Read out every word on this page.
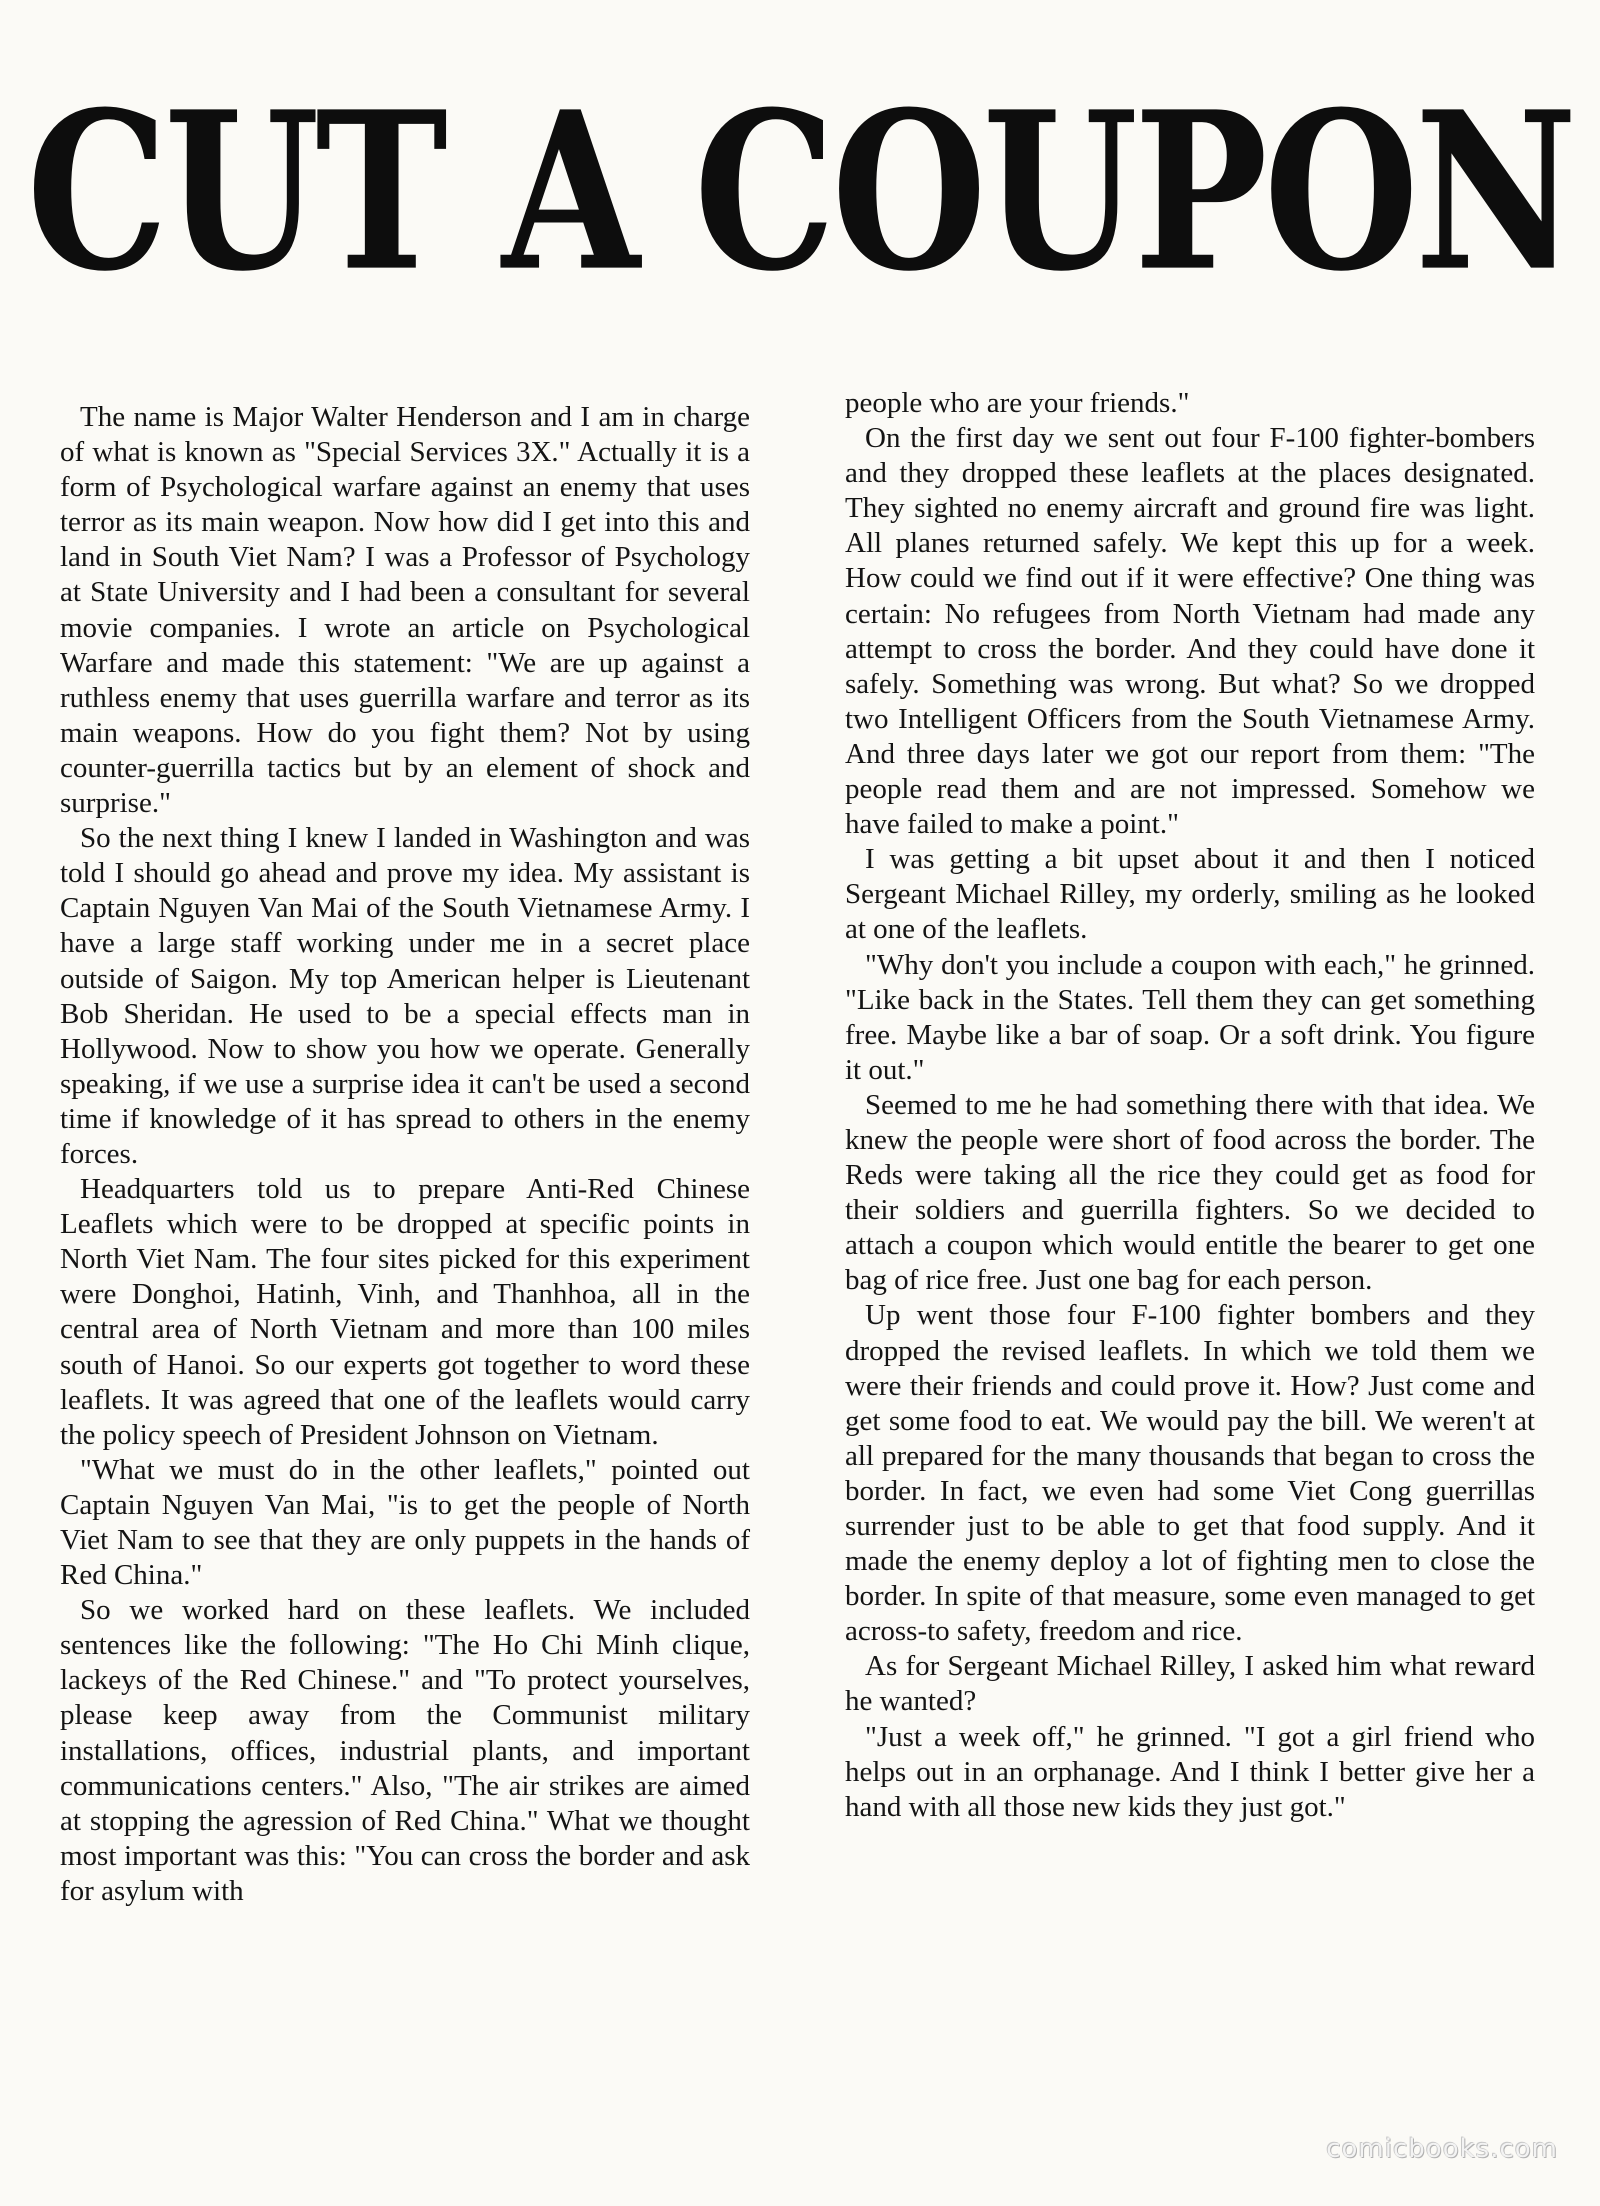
CUT A COUPON

The name is Major Walter Henderson and I am in charge of what is known as "Special Services 3X." Actually it is a form of Psychological warfare against an enemy that uses terror as its main weapon. Now how did I get into this and land in South Viet Nam? I was a Professor of Psychology at State University and I had been a consultant for several movie companies. I wrote an article on Psychological Warfare and made this statement: "We are up against a ruthless enemy that uses guerrilla warfare and terror as its main weapons. How do you fight them? Not by using counter-guerrilla tactics but by an element of shock and surprise."

So the next thing I knew I landed in Washington and was told I should go ahead and prove my idea. My assistant is Captain Nguyen Van Mai of the South Vietnamese Army. I have a large staff working under me in a secret place outside of Saigon. My top American helper is Lieutenant Bob Sheridan. He used to be a special effects man in Hollywood. Now to show you how we operate. Generally speaking, if we use a surprise idea it can't be used a second time if knowledge of it has spread to others in the enemy forces.

Headquarters told us to prepare Anti-Red Chinese Leaflets which were to be dropped at specific points in North Viet Nam. The four sites picked for this experiment were Donghoi, Hatinh, Vinh, and Thanhhoa, all in the central area of North Vietnam and more than 100 miles south of Hanoi. So our experts got together to word these leaflets. It was agreed that one of the leaflets would carry the policy speech of President Johnson on Vietnam.

"What we must do in the other leaflets," pointed out Captain Nguyen Van Mai, "is to get the people of North Viet Nam to see that they are only puppets in the hands of Red China."

So we worked hard on these leaflets. We included sentences like the following: "The Ho Chi Minh clique, lackeys of the Red Chinese." and "To protect yourselves, please keep away from the Communist military installations, offices, industrial plants, and important communications centers." Also, "The air strikes are aimed at stopping the agression of Red China." What we thought most important was this: "You can cross the border and ask for asylum with

people who are your friends."

On the first day we sent out four F-100 fighter-bombers and they dropped these leaflets at the places designated. They sighted no enemy aircraft and ground fire was light. All planes returned safely. We kept this up for a week. How could we find out if it were effective? One thing was certain: No refugees from North Vietnam had made any attempt to cross the border. And they could have done it safely. Something was wrong. But what? So we dropped two Intelligent Officers from the South Vietnamese Army. And three days later we got our report from them: "The people read them and are not impressed. Somehow we have failed to make a point."

I was getting a bit upset about it and then I noticed Sergeant Michael Rilley, my orderly, smiling as he looked at one of the leaflets.

"Why don't you include a coupon with each," he grinned. "Like back in the States. Tell them they can get something free. Maybe like a bar of soap. Or a soft drink. You figure it out."

Seemed to me he had something there with that idea. We knew the people were short of food across the border. The Reds were taking all the rice they could get as food for their soldiers and guerrilla fighters. So we decided to attach a coupon which would entitle the bearer to get one bag of rice free. Just one bag for each person.

Up went those four F-100 fighter bombers and they dropped the revised leaflets. In which we told them we were their friends and could prove it. How? Just come and get some food to eat. We would pay the bill. We weren't at all prepared for the many thousands that began to cross the border. In fact, we even had some Viet Cong guerrillas surrender just to be able to get that food supply. And it made the enemy deploy a lot of fighting men to close the border. In spite of that measure, some even managed to get across-to safety, freedom and rice.

As for Sergeant Michael Rilley, I asked him what reward he wanted?

"Just a week off," he grinned. "I got a girl friend who helps out in an orphanage. And I think I better give her a hand with all those new kids they just got."

comicbooks.com
